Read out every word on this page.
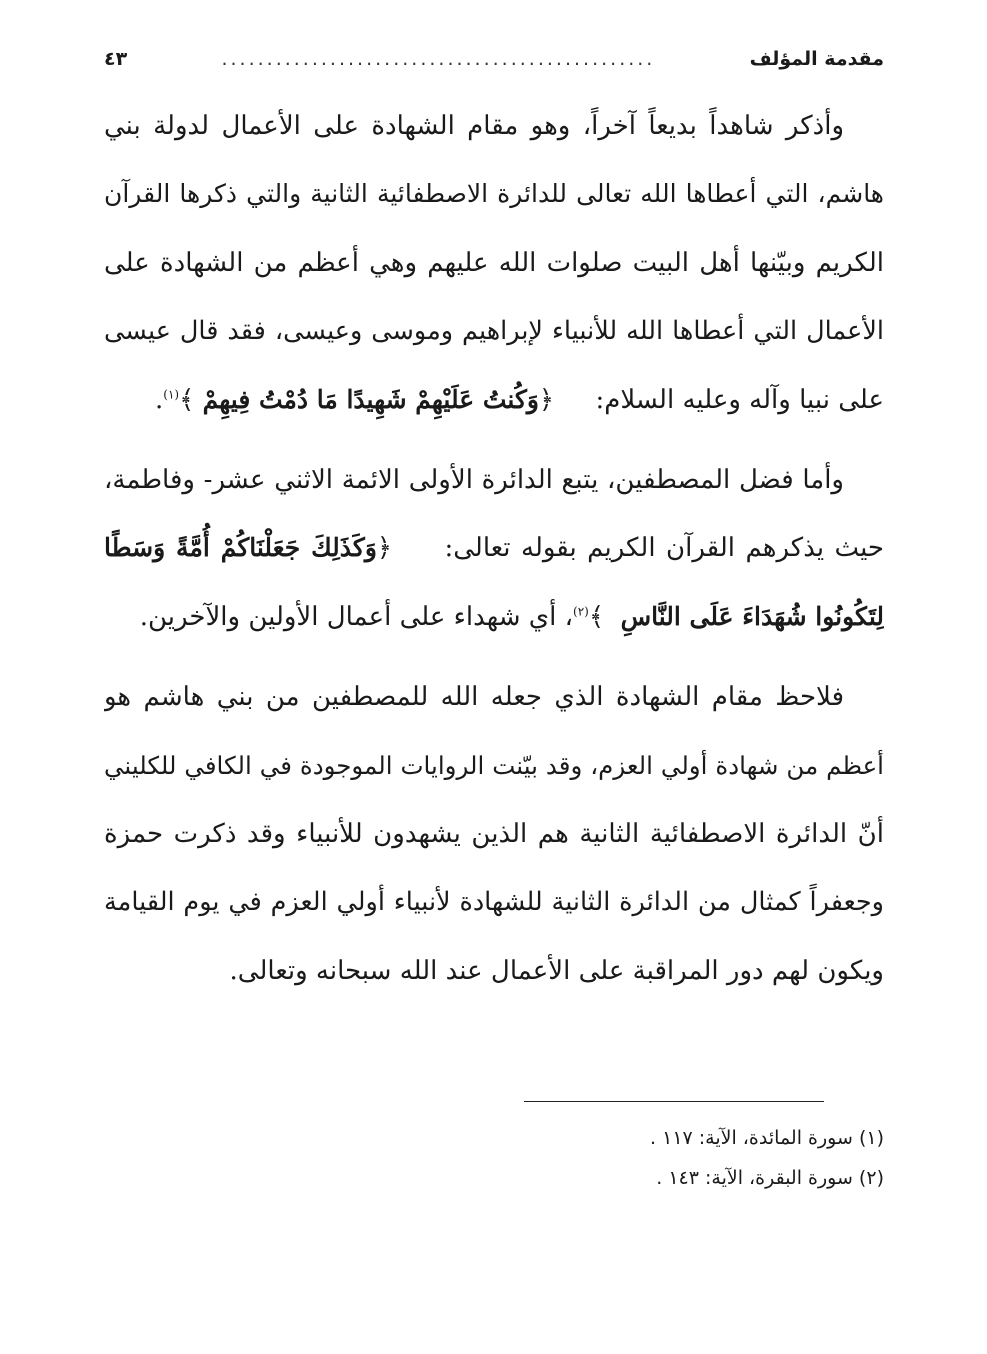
مقدمة المؤلف
................................................
٤٣
وأذكر شاهداً بديعاً آخراً، وهو مقام الشهادة على الأعمال لدولة بني
هاشم، التي أعطاها الله تعالى للدائرة الاصطفائية الثانية والتي ذكرها القرآن
الكريم وبيّنها أهل البيت صلوات الله عليهم وهي أعظم من الشهادة على
الأعمال التي أعطاها الله للأنبياء لإبراهيم وموسى وعيسى، فقد قال عيسى
على نبيا وآله وعليه السلام:     ﴿وَكُنتُ عَلَيْهِمْ شَهِيدًا مَا دُمْتُ فِيهِمْ ﴾$^{(١)}$.
وأما فضل المصطفين، يتبع الدائرة الأولى الائمة الاثني عشر- وفاطمة،
حيث يذكرهم القرآن الكريم بقوله تعالى:     ﴿وَكَذَلِكَ جَعَلْنَاكُمْ أُمَّةً وَسَطًا
لِتَكُونُوا شُهَدَاءَ عَلَى النَّاسِ  ﴾$^{(٢)}$، أي شهداء على أعمال الأولين والآخرين.
فلاحظ مقام الشهادة الذي جعله الله للمصطفين من بني هاشم هو
أعظم من شهادة أولي العزم، وقد بيّنت الروايات الموجودة في الكافي للكليني
أنّ الدائرة الاصطفائية الثانية هم الذين يشهدون للأنبياء وقد ذكرت حمزة
وجعفراً كمثال من الدائرة الثانية للشهادة لأنبياء أولي العزم في يوم القيامة
ويكون لهم دور المراقبة على الأعمال عند الله سبحانه وتعالى.
(١) سورة المائدة، الآية: ١١٧ .
(٢) سورة البقرة، الآية: ١٤٣ .
